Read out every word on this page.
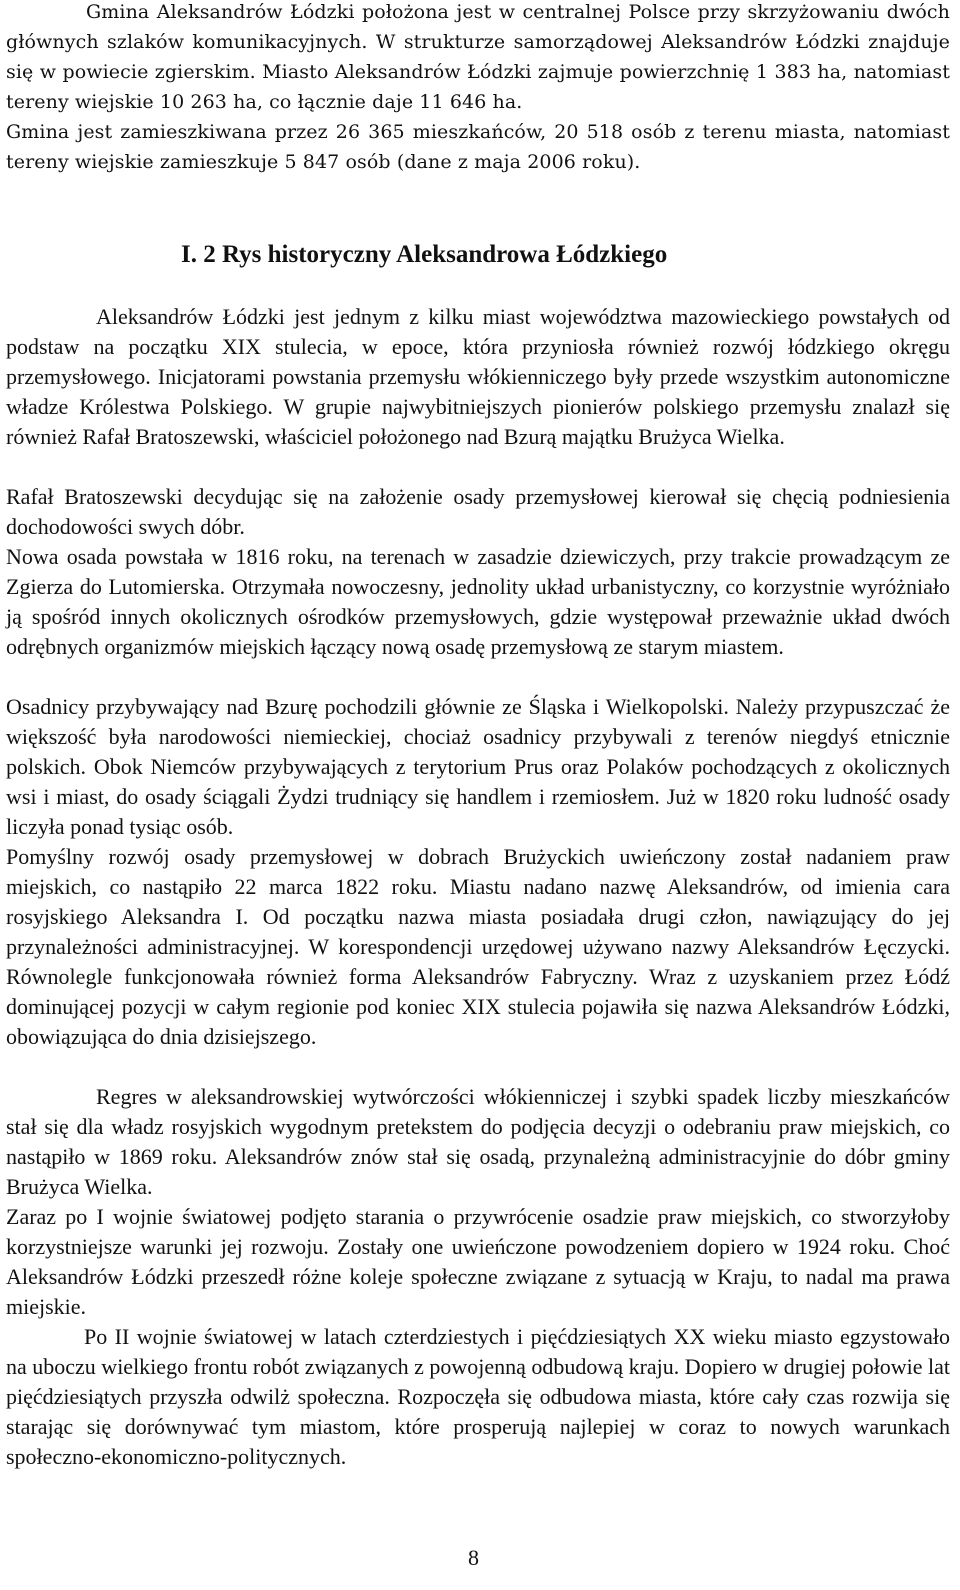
Gmina Aleksandrów Łódzki położona jest w centralnej Polsce przy skrzyżowaniu dwóch głównych szlaków komunikacyjnych. W strukturze samorządowej Aleksandrów Łódzki znajduje się w powiecie zgierskim. Miasto Aleksandrów Łódzki zajmuje powierzchnię 1 383 ha, natomiast tereny wiejskie 10 263 ha, co łącznie daje 11 646 ha.

Gmina jest zamieszkiwana przez 26 365 mieszkańców, 20 518 osób z terenu miasta, natomiast tereny wiejskie zamieszkuje 5 847 osób (dane z maja 2006 roku).

I. 2 Rys historyczny Aleksandrowa Łódzkiego

Aleksandrów Łódzki jest jednym z kilku miast województwa mazowieckiego powstałych od podstaw na początku XIX stulecia, w epoce, która przyniosła również rozwój łódzkiego okręgu przemysłowego. Inicjatorami powstania przemysłu włókienniczego były przede wszystkim autonomiczne władze Królestwa Polskiego. W grupie najwybitniejszych pionierów polskiego przemysłu znalazł się również Rafał Bratoszewski, właściciel położonego nad Bzurą majątku Brużyca Wielka.

Rafał Bratoszewski decydując się na założenie osady przemysłowej kierował się chęcią podniesienia dochodowości swych dóbr.

Nowa osada powstała w 1816 roku, na terenach w zasadzie dziewiczych, przy trakcie prowadzącym ze Zgierza do Lutomierska. Otrzymała nowoczesny, jednolity układ urbanistyczny, co korzystnie wyróżniało ją spośród innych okolicznych ośrodków przemysłowych, gdzie występował przeważnie układ dwóch odrębnych organizmów miejskich łączący nową osadę przemysłową ze starym miastem.

Osadnicy przybywający nad Bzurę pochodzili głównie ze Śląska i Wielkopolski. Należy przypuszczać że większość była narodowości niemieckiej, chociaż osadnicy przybywali z terenów niegdyś etnicznie polskich. Obok Niemców przybywających z terytorium Prus oraz Polaków pochodzących z okolicznych wsi i miast, do osady ściągali Żydzi trudniący się handlem i rzemiosłem. Już w 1820 roku ludność osady liczyła ponad tysiąc osób.

Pomyślny rozwój osady przemysłowej w dobrach Brużyckich uwieńczony został nadaniem praw miejskich, co nastąpiło 22 marca 1822 roku. Miastu nadano nazwę Aleksandrów, od imienia cara rosyjskiego Aleksandra I. Od początku nazwa miasta posiadała drugi człon, nawiązujący do jej przynależności administracyjnej. W korespondencji urzędowej używano nazwy Aleksandrów Łęczycki. Równolegle funkcjonowała również forma Aleksandrów Fabryczny. Wraz z uzyskaniem przez Łódź dominującej pozycji w całym regionie pod koniec XIX stulecia pojawiła się nazwa Aleksandrów Łódzki, obowiązująca do dnia dzisiejszego.

Regres w aleksandrowskiej wytwórczości włókienniczej i szybki spadek liczby mieszkańców stał się dla władz rosyjskich wygodnym pretekstem do podjęcia decyzji o odebraniu praw miejskich, co nastąpiło w 1869 roku. Aleksandrów znów stał się osadą, przynależną administracyjnie do dóbr gminy Brużyca Wielka.

Zaraz po I wojnie światowej podjęto starania o przywrócenie osadzie praw miejskich, co stworzyłoby korzystniejsze warunki jej rozwoju. Zostały one uwieńczone powodzeniem dopiero w 1924 roku. Choć Aleksandrów Łódzki przeszedł różne koleje społeczne związane z sytuacją w Kraju, to nadal ma prawa miejskie.

Po II wojnie światowej w latach czterdziestych i pięćdziesiątych XX wieku miasto egzystowało na uboczu wielkiego frontu robót związanych z powojenną odbudową kraju. Dopiero w drugiej połowie lat pięćdziesiątych przyszła odwilż społeczna. Rozpoczęła się odbudowa miasta, które cały czas rozwija się starając się dorównywać tym miastom, które prosperują najlepiej w coraz to nowych warunkach społeczno-ekonomiczno-politycznych.

8
